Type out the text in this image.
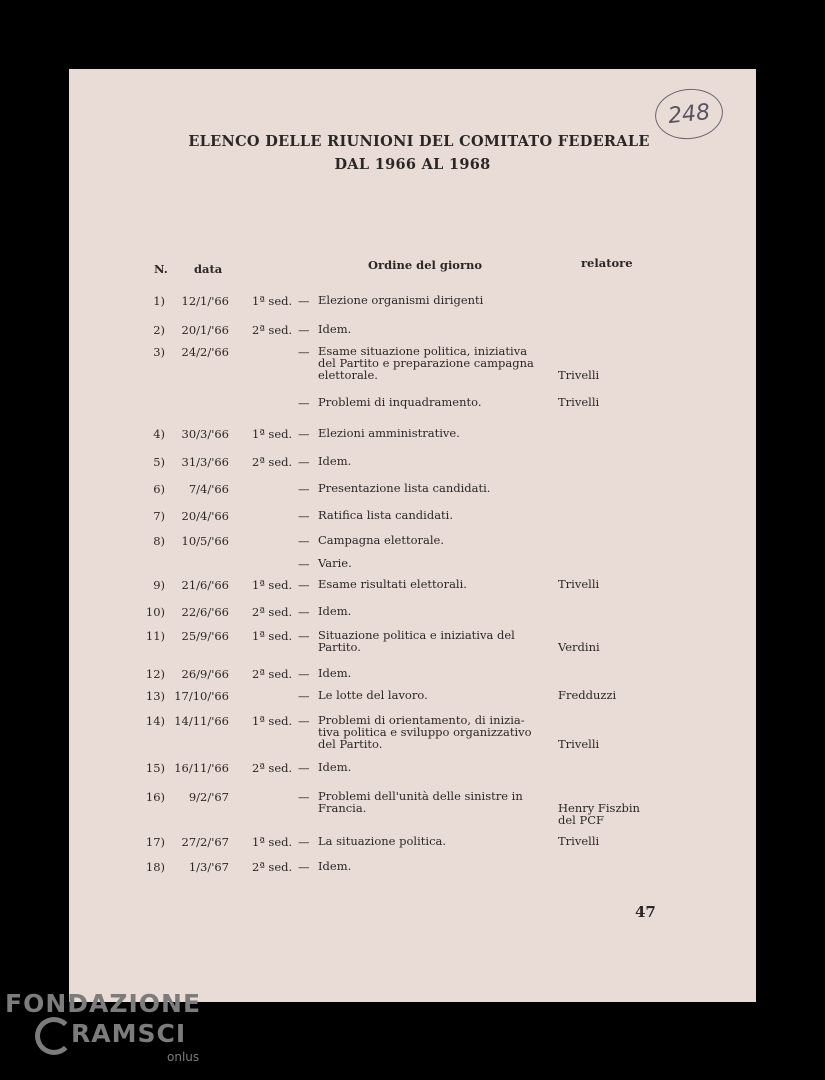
248
ELENCO DELLE RIUNIONI DEL COMITATO FEDERALE
DAL 1966 AL 1968
N. data	Ordine del giorno	relatore
1)	12/1/'66 1ª sed. — Elezione organismi dirigenti
2)	20/1/'66 2ª sed. — Idem.
3)	24/2/'66	— Esame situazione politica, iniziativa
del Partito e preparazione campagna
elettorale.	Trivelli
— Problemi di inquadramento.	Trivelli
4)	30/3/'66 1ª sed. — Elezioni amministrative.
5)	31/3/'66 2ª sed. — Idem.
6)	7/4/'66	— Presentazione lista candidati.
7)	20/4/'66	— Ratifica lista candidati.
8)	10/5/'66	— Campagna elettorale.
— Varie.
9)	21/6/'66 1ª sed. — Esame risultati elettorali.	Trivelli
10)	22/6/'66 2ª sed. — Idem.
11)	25/9/'66 1ª sed. — Situazione politica e iniziativa del
Partito.	Verdini
12)	26/9/'66 2ª sed. — Idem.
13) 17/10/'66	— Le lotte del lavoro.	Fredduzzi
14) 14/11/'66 1ª sed. — Problemi di orientamento, di inizia-
tiva politica e sviluppo organizzativo
del Partito.	Trivelli
15) 16/11/'66 2ª sed. — Idem.
16)	9/2/'67	— Problemi dell'unità delle sinistre in
Francia.	Henry Fiszbin
del PCF
17)	27/2/'67 1ª sed. — La situazione politica.	Trivelli
18)	1/3/'67 2ª sed. — Idem.
47
FONDAZIONE
RAMSCI
onlus
